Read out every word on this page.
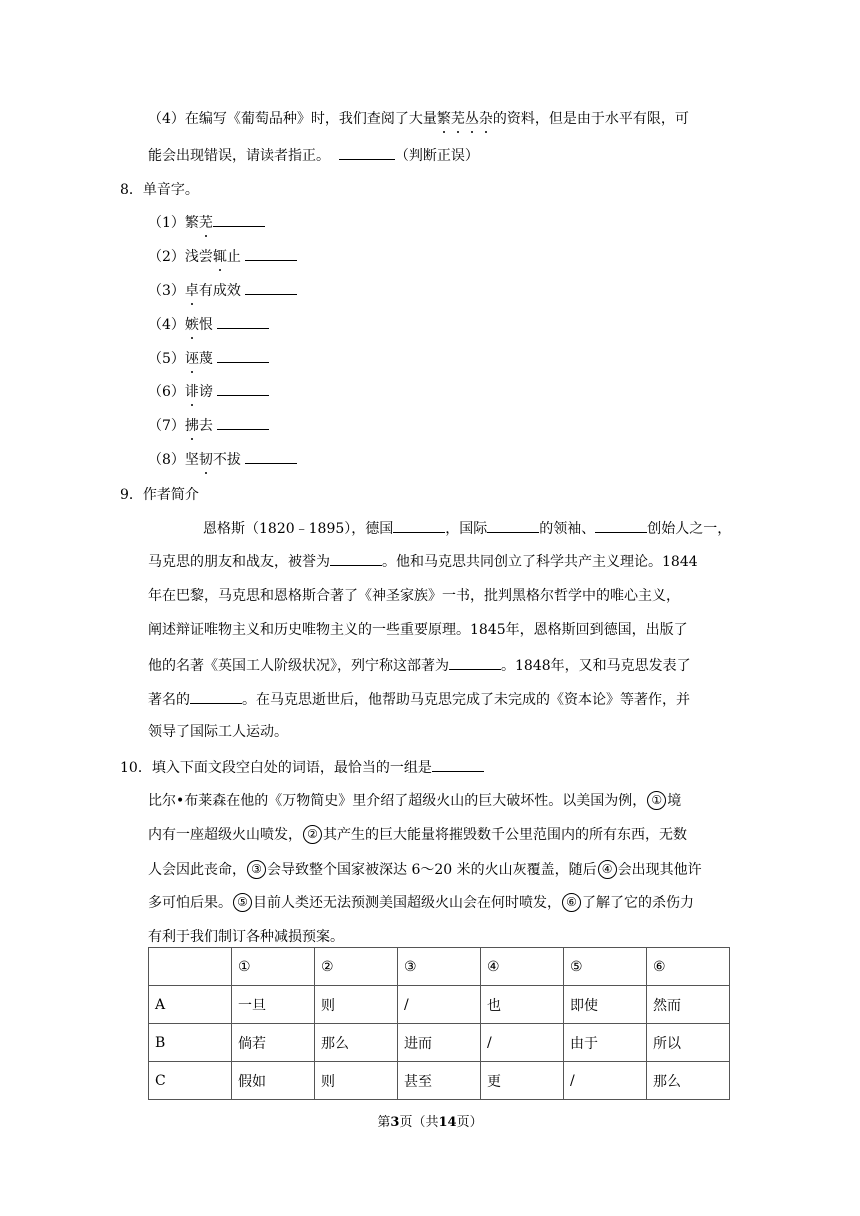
（4）在编写《葡萄品种》时，我们查阅了大量繁芜丛杂的资料，但是由于水平有限，可
能会出现错误，请读者指正。	（判断正误）
8．单音字。
（1）繁芜
（2）浅尝辄止
（3）卓有成效
（4）嫉恨
（5）诬蔑
（6）诽谤
（7）拂去
（8）坚韧不拔
9．作者简介
恩格斯（1820﹣1895），德国	，国际	的领袖、	创始人之一，
马克思的朋友和战友，被誉为	。他和马克思共同创立了科学共产主义理论。1844
年在巴黎，马克思和恩格斯合著了《神圣家族》一书，批判黑格尔哲学中的唯心主义，
阐述辩证唯物主义和历史唯物主义的一些重要原理。1845年，恩格斯回到德国，出版了
他的名著《英国工人阶级状况》，列宁称这部著为	。1848年，又和马克思发表了
著名的	。在马克思逝世后，他帮助马克思完成了未完成的《资本论》等著作，并
领导了国际工人运动。
10．填入下面文段空白处的词语，最恰当的一组是
比尔•布莱森在他的《万物简史》里介绍了超级火山的巨大破坏性。以美国为例， ① 境
内有一座超级火山喷发， ② 其产生的巨大能量将摧毁数千公里范围内的所有东西，无数
人会因此丧命， ③ 会导致整个国家被深达 6～20 米的火山灰覆盖，随后 ④ 会出现其他许
多可怕后果。 ⑤ 目前人类还无法预测美国超级火山会在何时喷发， ⑥ 了解了它的杀伤力
有利于我们制订各种减损预案。
	①	②	③	④	⑤	⑥
A	一旦	则	/	也	即使	然而
B	倘若	那么	进而	/	由于	所以
C	假如	则	甚至	更	/	那么
第3页（共14页）
